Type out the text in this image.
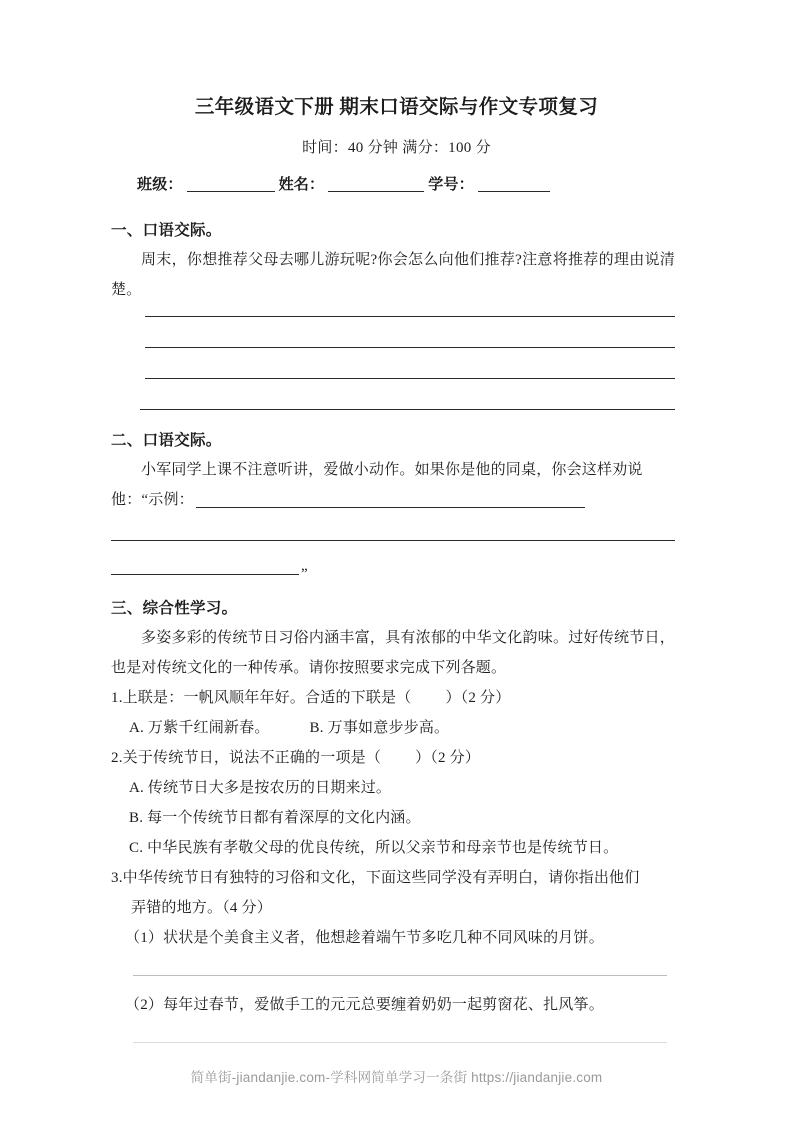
三年级语文下册 期末口语交际与作文专项复习
时间：40 分钟 满分：100 分
班级：	姓名：	学号：
一、口语交际。
周末，你想推荐父母去哪儿游玩呢?你会怎么向他们推荐?注意将推荐的理由说清楚。
二、口语交际。
小军同学上课不注意听讲，爱做小动作。如果你是他的同桌，你会这样劝说
他：“示例：
”
三、综合性学习。
多姿多彩的传统节日习俗内涵丰富，具有浓郁的中华文化韵味。过好传统节日，也是对传统文化的一种传承。请你按照要求完成下列各题。
1.上联是：一帆风顺年年好。合适的下联是（ ）（2 分）
A. 万紫千红闹新春。	B. 万事如意步步高。
2.关于传统节日，说法不正确的一项是（ ）（2 分）
A. 传统节日大多是按农历的日期来过。
B. 每一个传统节日都有着深厚的文化内涵。
C. 中华民族有孝敬父母的优良传统，所以父亲节和母亲节也是传统节日。
3.中华传统节日有独特的习俗和文化，下面这些同学没有弄明白，请你指出他们
弄错的地方。（4 分）
（1）状状是个美食主义者，他想趁着端午节多吃几种不同风味的月饼。
（2）每年过春节，爱做手工的元元总要缠着奶奶一起剪窗花、扎风筝。
简单街-jiandanjie.com-学科网简单学习一条街 https://jiandanjie.com
